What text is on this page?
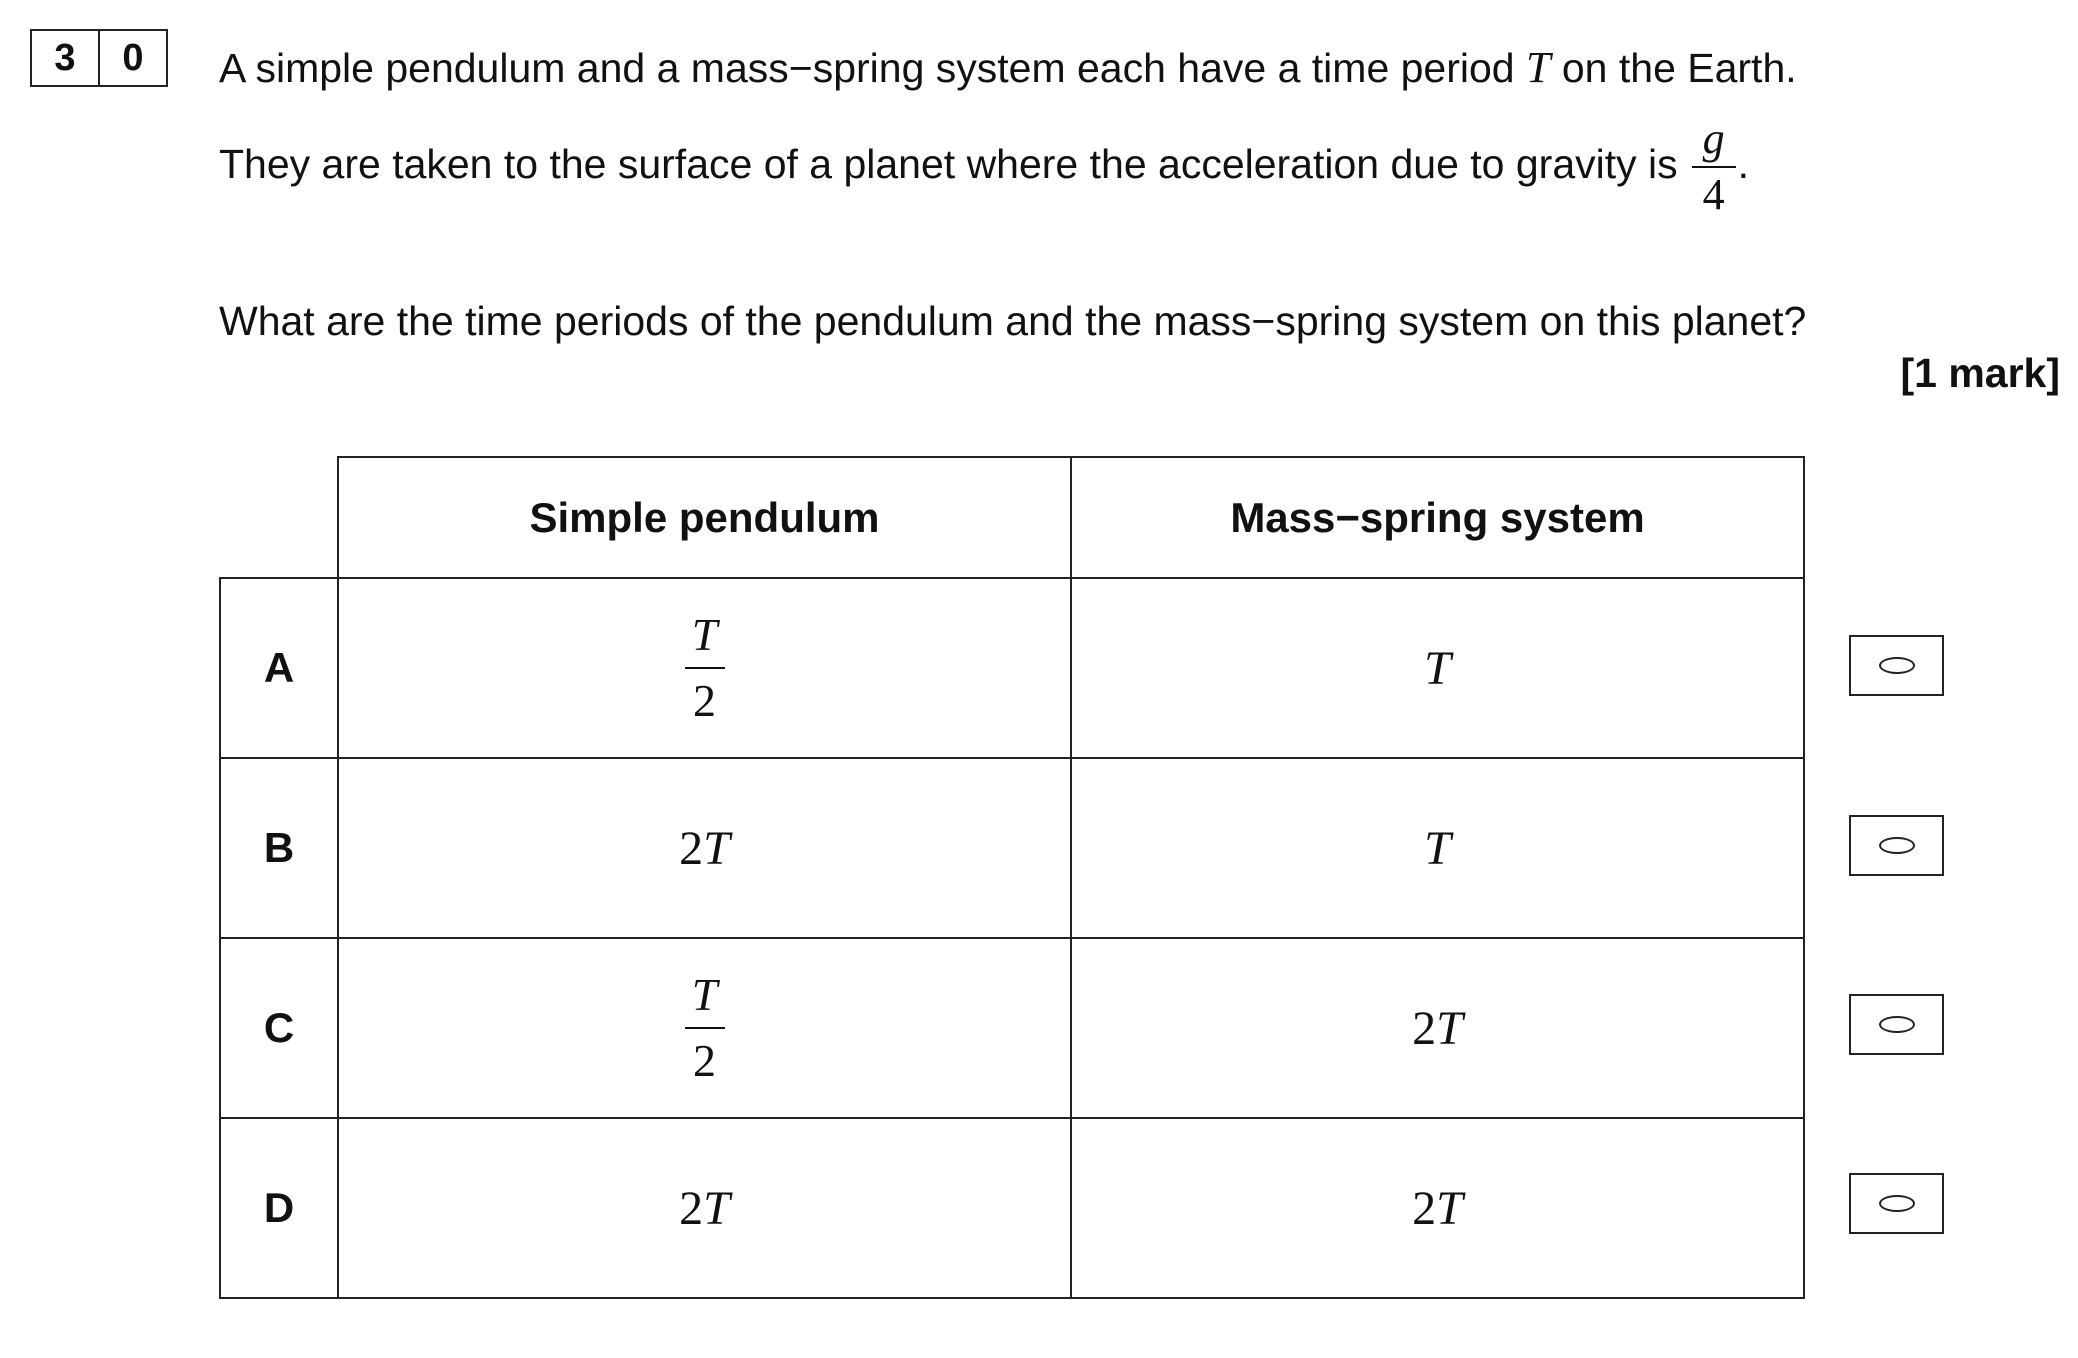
3	0	A simple pendulum and a mass−spring system each have a time period T on the Earth.
They are taken to the surface of a planet where the acceleration due to gravity is $\frac{g}{4}$ .
What are the time periods of the pendulum and the mass−spring system on this planet?
[1 mark]
	Simple pendulum	Mass−spring system
A	$\frac{T}{2}$	T
B	2T	T
C	$\frac{T}{2}$	2T
D	2T	2T
